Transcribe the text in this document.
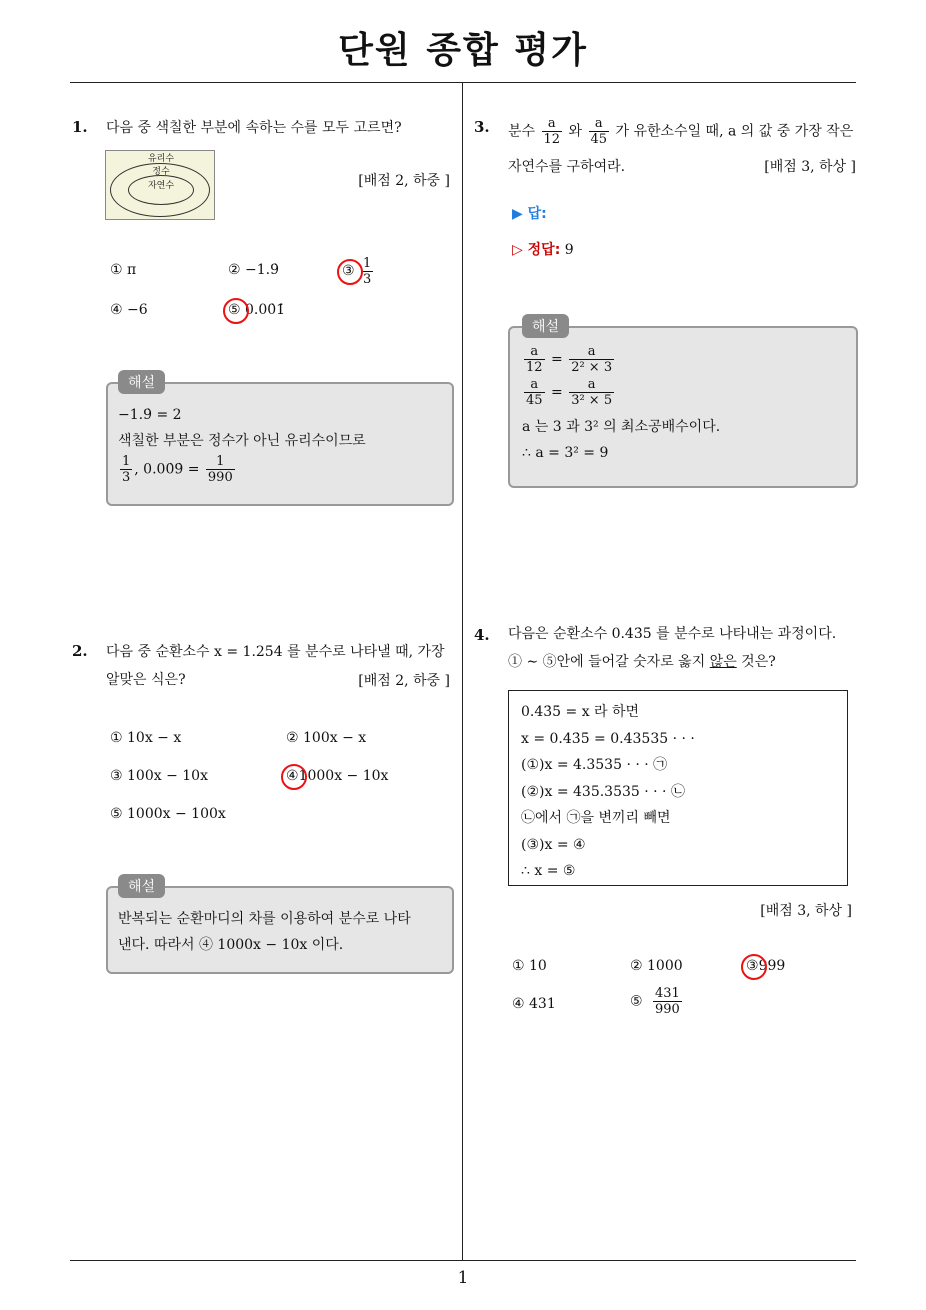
단원 종합 평가
1
1. 다음 중 색칠한 부분에 속하는 수를 모두 고르면?
유리수
정수
자연수	[배점 2, 하중 ]
① π	② −1.9̇	③ $\frac{1}{3}$
④ −6	⑤ 0.00̇1̇
−1.9̇ = 2
색칠한 부분은 정수가 아닌 유리수이므로
$\frac{1}{3}$ , 0.00̇9̇ = $\frac{1}{990}$
해설
2. 다음 중 순환소수 x = 1.25̇4̇ 를 분수로 나타낼 때, 가장
알맞은 식은?	[배점 2, 하중 ]
① 10x − x	② 100x − x
③ 100x − 10x	④1000x − 10x
⑤ 1000x − 100x
반복되는 순환마디의 차를 이용하여 분수로 나타
낸다. 따라서 ④ 1000x − 10x 이다.
해설
3. 분수 $\frac{a}{12}$ 와 $\frac{a}{45}$ 가 유한소수일 때, a 의 값 중 가장 작은
자연수를 구하여라.	[배점 3, 하상 ]
▶ 답:
▷ 정답: 9
$\frac{a}{12} = \frac{a}{\text{2² × 3}}$
$\frac{a}{45} = \frac{a}{\text{3² × 5}}$
a 는 3 과 3² 의 최소공배수이다.
∴ a = 3² = 9
해설
4. 다음은 순환소수 0.43̇5̇ 를 분수로 나타내는 과정이다.
① ∼ ⑤안에 들어갈 숫자로 옳지 않은 것은?
0.43̇5̇ = x 라 하면
x = 0.43̇5̇ = 0.43535 · · ·
(①)x = 4.3535 · · · ㉠
(②)x = 435.3535 · · · ㉡
㉡에서 ㉠을 변끼리 빼면
(③)x = ④
∴ x = ⑤
[배점 3, 하상 ]
① 10	② 1000	③999
④ 431	⑤ $\frac{431}{990}$
